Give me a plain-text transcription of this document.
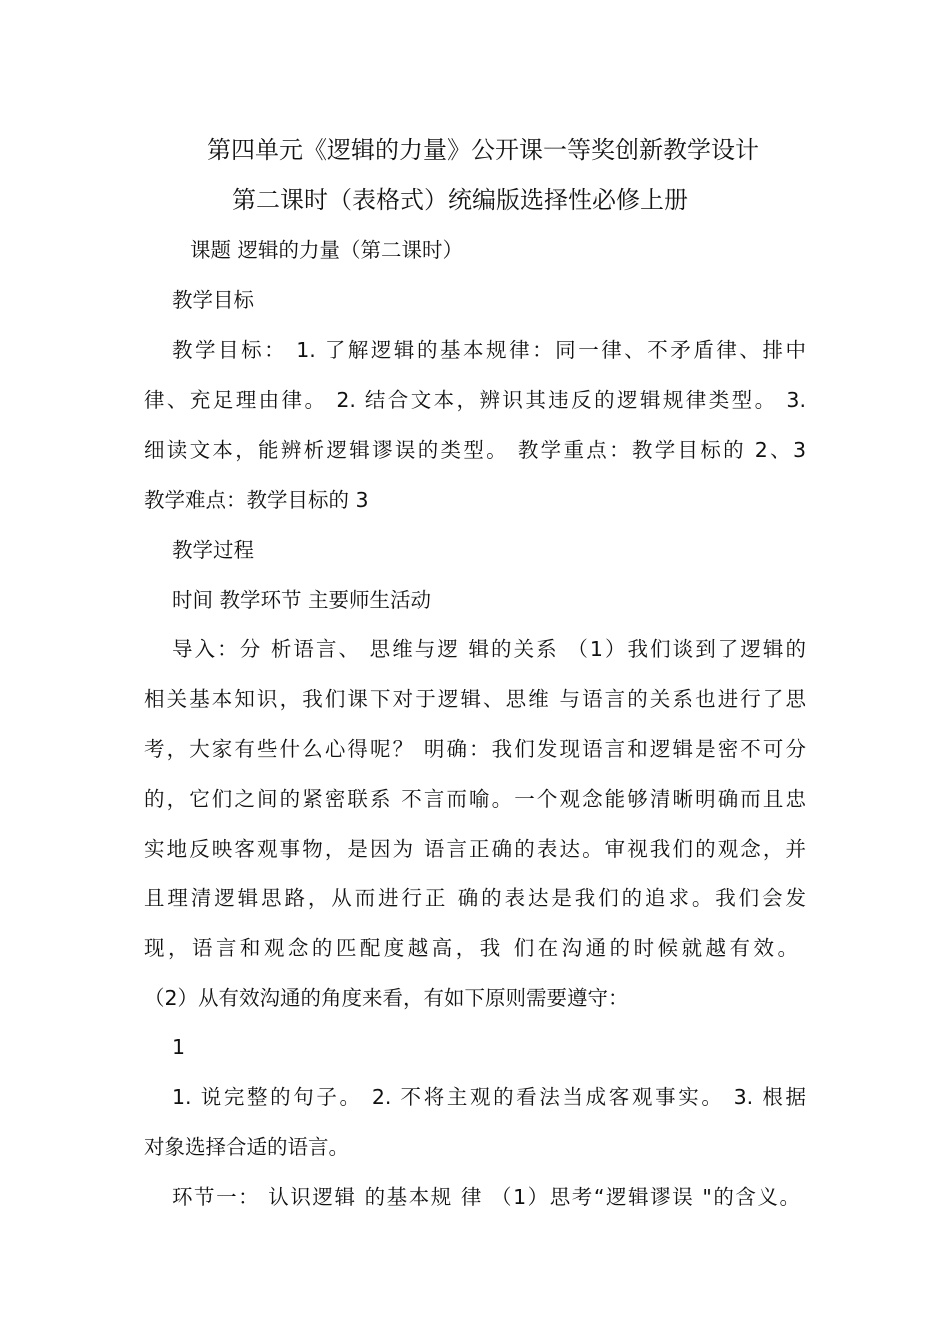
第四单元《逻辑的力量》公开课一等奖创新教学设计
第二课时（表格式）统编版选择性必修上册
课题 逻辑的力量（第二课时）
教学目标
教学目标： 1. 了解逻辑的基本规律：同一律、不矛盾律、排中
律、充足理由律。 2. 结合文本，辨识其违反的逻辑规律类型。 3.
细读文本，能辨析逻辑谬误的类型。 教学重点：教学目标的 2、3
教学难点：教学目标的 3
教学过程
时间 教学环节 主要师生活动
导入：分 析语言、 思维与逻 辑的关系 （1）我们谈到了逻辑的
相关基本知识，我们课下对于逻辑、思维 与语言的关系也进行了思
考，大家有些什么心得呢？ 明确：我们发现语言和逻辑是密不可分
的，它们之间的紧密联系 不言而喻。一个观念能够清晰明确而且忠
实地反映客观事物，是因为 语言正确的表达。审视我们的观念，并
且理清逻辑思路，从而进行正 确的表达是我们的追求。我们会发
现，语言和观念的匹配度越高，我 们在沟通的时候就越有效。
（2）从有效沟通的角度来看，有如下原则需要遵守：
1
1. 说完整的句子。 2. 不将主观的看法当成客观事实。 3. 根据
对象选择合适的语言。
环节一： 认识逻辑 的基本规 律 （1）思考“逻辑谬误 "的含义。
